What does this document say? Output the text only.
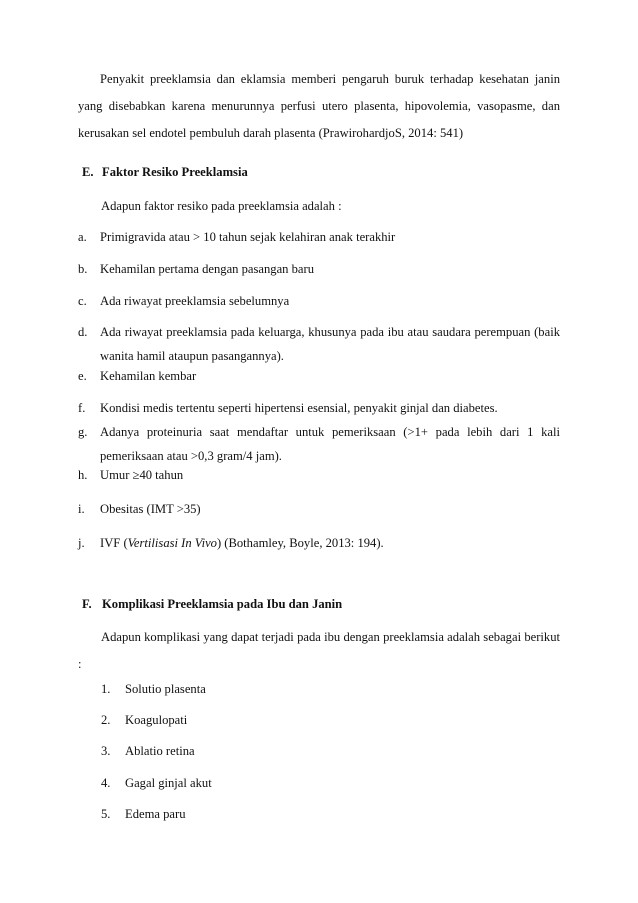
Penyakit preeklamsia dan eklamsia memberi pengaruh buruk terhadap kesehatan janin yang disebabkan karena menurunnya perfusi utero plasenta, hipovolemia, vasopasme, dan kerusakan sel endotel pembuluh darah plasenta (PrawirohardjoS, 2014: 541)

E. Faktor Resiko Preeklamsia

Adapun faktor resiko pada preeklamsia adalah :

a. Primigravida atau > 10 tahun sejak kelahiran anak terakhir
b. Kehamilan pertama dengan pasangan baru
c. Ada riwayat preeklamsia sebelumnya
d. Ada riwayat preeklamsia pada keluarga, khusunya pada ibu atau saudara perempuan (baik wanita hamil ataupun pasangannya).
e. Kehamilan kembar
f. Kondisi medis tertentu seperti hipertensi esensial, penyakit ginjal dan diabetes.
g. Adanya proteinuria saat mendaftar untuk pemeriksaan (>1+ pada lebih dari 1 kali pemeriksaan atau >0,3 gram/4 jam).
h. Umur ≥40 tahun
i. Obesitas (IMT >35)
j. IVF (Vertilisasi In Vivo) (Bothamley, Boyle, 2013: 194).
F. Komplikasi Preeklamsia pada Ibu dan Janin

Adapun komplikasi yang dapat terjadi pada ibu dengan preeklamsia adalah sebagai berikut :

1. Solutio plasenta
2. Koagulopati
3. Ablatio retina
4. Gagal ginjal akut
5. Edema paru
